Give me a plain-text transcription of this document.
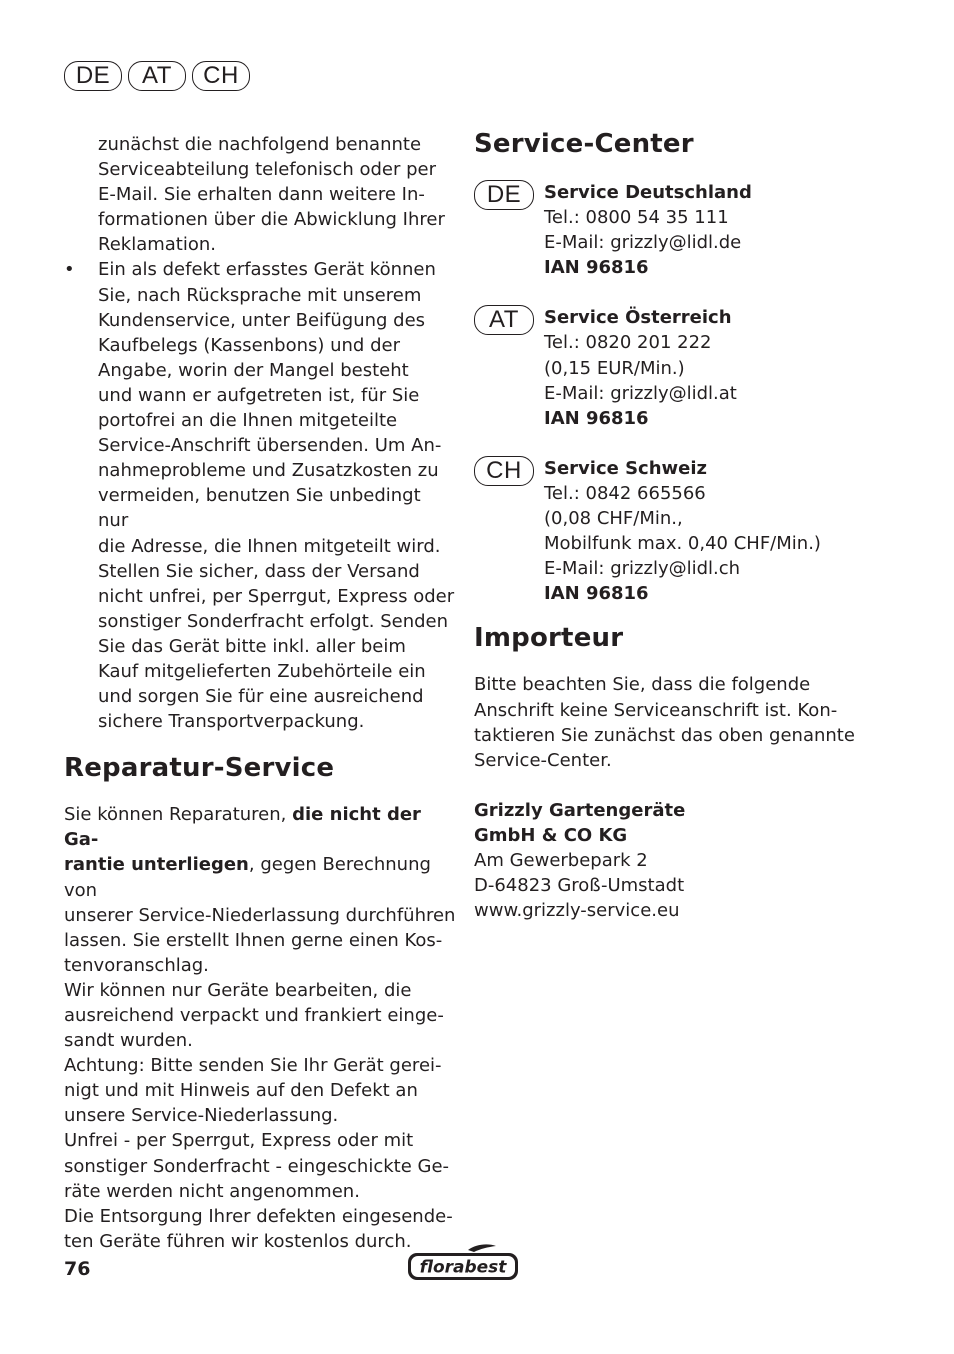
DE	AT	CH

zunächst die nachfolgend benannte

Serviceabteilung telefonisch oder per

E-Mail. Sie erhalten dann weitere In-

formationen über die Abwicklung Ihrer

Reklamation.

• Ein als defekt erfasstes Gerät können

Sie, nach Rücksprache mit unserem

Kundenservice, unter Beifügung des

Kaufbelegs (Kassenbons) und der

Angabe, worin der Mangel besteht

und wann er aufgetreten ist, für Sie

portofrei an die Ihnen mitgeteilte

Service-Anschrift übersenden. Um An-

nahmeprobleme und Zusatzkosten zu

vermeiden, benutzen Sie unbedingt nur

die Adresse, die Ihnen mitgeteilt wird.

Stellen Sie sicher, dass der Versand

nicht unfrei, per Sperrgut, Express oder

sonstiger Sonderfracht erfolgt. Senden

Sie das Gerät bitte inkl. aller beim

Kauf mitgelieferten Zubehörteile ein

und sorgen Sie für eine ausreichend

sichere Transportverpackung.

Reparatur-Service

Sie können Reparaturen, die nicht der Ga-

rantie unterliegen, gegen Berechnung von

unserer Service-Niederlassung durchführen

lassen. Sie erstellt Ihnen gerne einen Kos-

tenvoranschlag.

Wir können nur Geräte bearbeiten, die

ausreichend verpackt und frankiert einge-

sandt wurden.

Achtung: Bitte senden Sie Ihr Gerät gerei-

nigt und mit Hinweis auf den Defekt an

unsere Service-Niederlassung.

Unfrei - per Sperrgut, Express oder mit

sonstiger Sonderfracht - eingeschickte Ge-

räte werden nicht angenommen.

Die Entsorgung Ihrer defekten eingesende-

ten Geräte führen wir kostenlos durch.

Service-Center
DE	Service Deutschland

Tel.: 0800 54 35 111

E-Mail: grizzly@lidl.de

IAN 96816

AT	Service Österreich

Tel.: 0820 201 222

(0,15 EUR/Min.)

E-Mail: grizzly@lidl.at

IAN 96816

CH	Service Schweiz

Tel.: 0842 665566

(0,08 CHF/Min.,

Mobilfunk max. 0,40 CHF/Min.)

E-Mail: grizzly@lidl.ch

IAN 96816

Importeur

Bitte beachten Sie, dass die folgende

Anschrift keine Serviceanschrift ist. Kon-

taktieren Sie zunächst das oben genannte

Service-Center.

Grizzly Gartengeräte

GmbH & CO KG

Am Gewerbepark 2

D-64823 Groß-Umstadt

www.grizzly-service.eu

76	florabest
